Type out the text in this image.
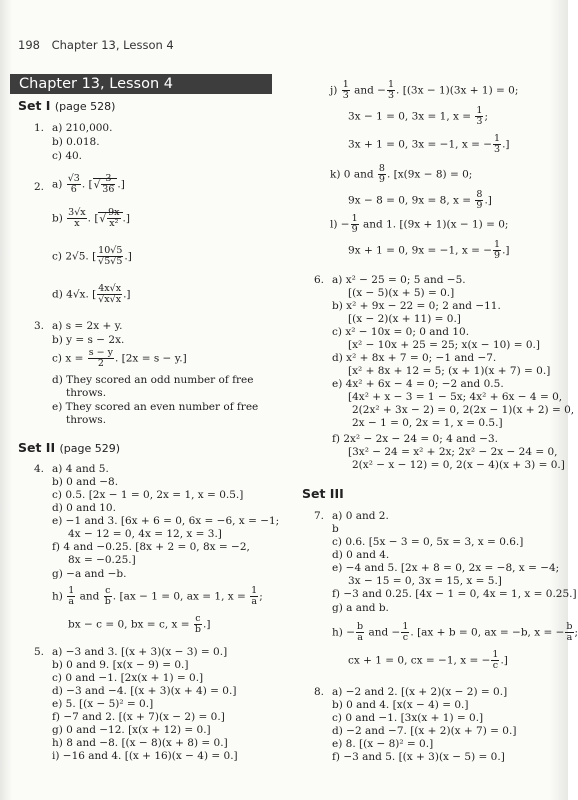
198 Chapter 13, Lesson 4
Chapter 13, Lesson 4
Set I (page 528)
1. a) 210,000.
b) 0.018.
c) 40.
2. $a) \frac{√3}{6}$ . [√ $\frac{3}{36}$ .]
$b) \frac{3√x}{x}$ . [√ $\frac{9x}{\text{x²}}$ .]
c) 2√5. [ $\frac{10√5}{√5√5}$ .]
d) 4√x. [ $\frac{4x√x}{√x√x}$ .]
3. a) s = 2x + y.
b) y = s − 2x.
c) $x = \frac{s - y}{2}$ . [2x = s − y.]
d) They scored an odd number of free
throws.
e) They scored an even number of free
throws.
Set II (page 529)
4. a) 4 and 5.
b) 0 and −8.
c) 0.5. [2x − 1 = 0, 2x = 1, x = 0.5.]
d) 0 and 10.
e) −1 and 3. [6x + 6 = 0, 6x = −6, x = −1;
4x − 12 = 0, 4x = 12, x = 3.]
f) 4 and −0.25. [8x + 2 = 0, 8x = −2,
8x = −0.25.]
g) −a and −b.
$h) \frac{1}{a}$ and $\frac{c}{b}$ . [ax − 1 = 0, ax = 1, $x = \frac{1}{a}$ ;
bx − c = 0, bx = c, $x = \frac{c}{b}$ .]
5. a) −3 and 3. [(x + 3)(x − 3) = 0.]
b) 0 and 9. [x(x − 9) = 0.]
c) 0 and −1. [2x(x + 1) = 0.]
d) −3 and −4. [(x + 3)(x + 4) = 0.]
e) 5. [(x − 5)² = 0.]
f) −7 and 2. [(x + 7)(x − 2) = 0.]
g) 0 and −12. [x(x + 12) = 0.]
h) 8 and −8. [(x − 8)(x + 8) = 0.]
i) −16 and 4. [(x + 16)(x − 4) = 0.]
$j) \frac{1}{3}$ and − $\frac{1}{3}$ . [(3x − 1)(3x + 1) = 0;
3x − 1 = 0, 3x = 1, $x = \frac{1}{3}$ ;
3x + 1 = 0, 3x = −1, x = − $\frac{1}{3}$ .]
k) 0 and $\frac{8}{9}$ . [x(9x − 8) = 0;
9x − 8 = 0, 9x = 8, $x = \frac{8}{9}$ .]
$l) - \frac{1}{9}$ and 1. [(9x + 1)(x − 1) = 0;
9x + 1 = 0, 9x = −1, x = − $\frac{1}{9}$ .]
6. a) x² − 25 = 0; 5 and −5.
[(x − 5)(x + 5) = 0.]
b) x² + 9x − 22 = 0; 2 and −11.
[(x − 2)(x + 11) = 0.]
c) x² − 10x = 0; 0 and 10.
[x² − 10x + 25 = 25; x(x − 10) = 0.]
d) x² + 8x + 7 = 0; −1 and −7.
[x² + 8x + 12 = 5; (x + 1)(x + 7) = 0.]
e) 4x² + 6x − 4 = 0; −2 and 0.5.
[4x² + x − 3 = 1 − 5x; 4x² + 6x − 4 = 0,
2(2x² + 3x − 2) = 0, 2(2x − 1)(x + 2) = 0,
2x − 1 = 0, 2x = 1, x = 0.5.]
f) 2x² − 2x − 24 = 0; 4 and −3.
[3x² − 24 = x² + 2x; 2x² − 2x − 24 = 0,
2(x² − x − 12) = 0, 2(x − 4)(x + 3) = 0.]
Set III
7. a) 0 and 2.
b
c) 0.6. [5x − 3 = 0, 5x = 3, x = 0.6.]
d) 0 and 4.
e) −4 and 5. [2x + 8 = 0, 2x = −8, x = −4;
3x − 15 = 0, 3x = 15, x = 5.]
f) −3 and 0.25. [4x − 1 = 0, 4x = 1, x = 0.25.]
g) a and b.
$h) - \frac{b}{a}$ and − $\frac{1}{c}$ . [ax + b = 0, ax = −b, x = − $\frac{b}{a}$ ;
cx + 1 = 0, cx = −1, x = − $\frac{1}{c}$ .]
8. a) −2 and 2. [(x + 2)(x − 2) = 0.]
b) 0 and 4. [x(x − 4) = 0.]
c) 0 and −1. [3x(x + 1) = 0.]
d) −2 and −7. [(x + 2)(x + 7) = 0.]
e) 8. [(x − 8)² = 0.]
f) −3 and 5. [(x + 3)(x − 5) = 0.]
